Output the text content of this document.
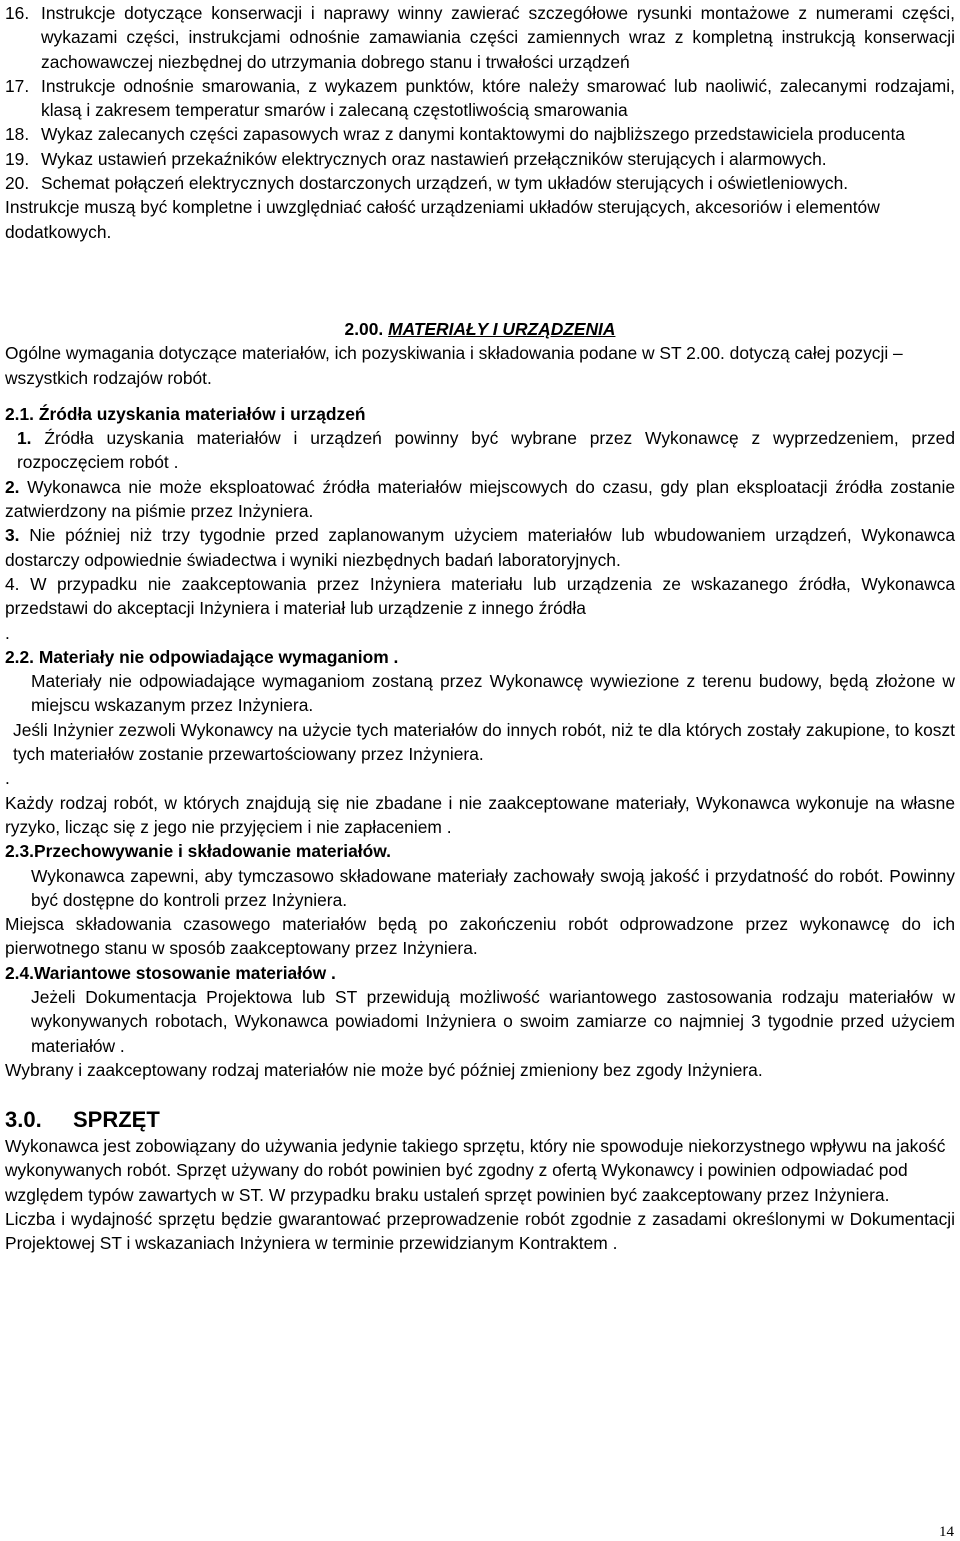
16. Instrukcje dotyczące konserwacji i naprawy winny zawierać szczegółowe rysunki montażowe z numerami części, wykazami części, instrukcjami odnośnie zamawiania części zamiennych wraz z kompletną instrukcją konserwacji zachowawczej niezbędnej do utrzymania dobrego stanu i trwałości urządzeń
17. Instrukcje odnośnie smarowania, z wykazem punktów, które należy smarować lub naoliwić, zalecanymi rodzajami, klasą i zakresem temperatur smarów i zalecaną częstotliwością smarowania
18. Wykaz zalecanych części zapasowych wraz z danymi kontaktowymi do najbliższego przedstawiciela producenta
19. Wykaz ustawień przekaźników elektrycznych oraz nastawień przełączników sterujących i alarmowych.
20. Schemat połączeń elektrycznych dostarczonych urządzeń, w tym układów sterujących i oświetleniowych.

Instrukcje muszą być kompletne i uwzględniać całość urządzeniami układów sterujących, akcesoriów i elementów dodatkowych.

2.00. MATERIAŁY I URZĄDZENIA

Ogólne wymagania dotyczące materiałów, ich pozyskiwania i składowania podane w ST 2.00. dotyczą całej pozycji – wszystkich rodzajów robót.

2.1. Źródła uzyskania materiałów i urządzeń

1. Źródła uzyskania materiałów i urządzeń powinny być wybrane przez Wykonawcę z wyprzedzeniem, przed rozpoczęciem robót .

2. Wykonawca nie może eksploatować źródła materiałów miejscowych do czasu, gdy plan eksploatacji źródła zostanie zatwierdzony na piśmie przez Inżyniera.

3. Nie później niż trzy tygodnie przed zaplanowanym użyciem materiałów lub wbudowaniem urządzeń, Wykonawca dostarczy odpowiednie świadectwa i wyniki niezbędnych badań laboratoryjnych.

4. W przypadku nie zaakceptowania przez Inżyniera materiału lub urządzenia ze wskazanego źródła, Wykonawca przedstawi do akceptacji Inżyniera i materiał lub urządzenie z innego źródła

.

2.2. Materiały nie odpowiadające wymaganiom .

Materiały nie odpowiadające wymaganiom zostaną przez Wykonawcę wywiezione z terenu budowy, będą złożone w miejscu wskazanym przez Inżyniera.

Jeśli Inżynier zezwoli Wykonawcy na użycie tych materiałów do innych robót, niż te dla których zostały zakupione, to koszt tych materiałów zostanie przewartościowany przez Inżyniera.

.

Każdy rodzaj robót, w których znajdują się nie zbadane i nie zaakceptowane materiały, Wykonawca wykonuje na własne ryzyko, licząc się z jego nie przyjęciem i nie zapłaceniem .

2.3.Przechowywanie i składowanie materiałów.

Wykonawca zapewni, aby tymczasowo składowane materiały zachowały swoją jakość i przydatność do robót. Powinny być dostępne do kontroli przez Inżyniera.

Miejsca składowania czasowego materiałów będą po zakończeniu robót odprowadzone przez wykonawcę do ich pierwotnego stanu w sposób zaakceptowany przez Inżyniera.

2.4.Wariantowe stosowanie materiałów .

Jeżeli Dokumentacja Projektowa lub ST przewidują możliwość wariantowego zastosowania rodzaju materiałów w wykonywanych robotach, Wykonawca powiadomi Inżyniera o swoim zamiarze co najmniej 3 tygodnie przed użyciem materiałów .

Wybrany i zaakceptowany rodzaj materiałów nie może być później zmieniony bez zgody Inżyniera.

3.0. SPRZĘT

Wykonawca jest zobowiązany do używania jedynie takiego sprzętu, który nie spowoduje niekorzystnego wpływu na jakość wykonywanych robót. Sprzęt używany do robót powinien być zgodny z ofertą Wykonawcy i powinien odpowiadać pod względem typów zawartych w ST. W przypadku braku ustaleń sprzęt powinien być zaakceptowany przez Inżyniera.

Liczba i wydajność sprzętu będzie gwarantować przeprowadzenie robót zgodnie z zasadami określonymi w Dokumentacji Projektowej ST i wskazaniach Inżyniera w terminie przewidzianym Kontraktem .

14
